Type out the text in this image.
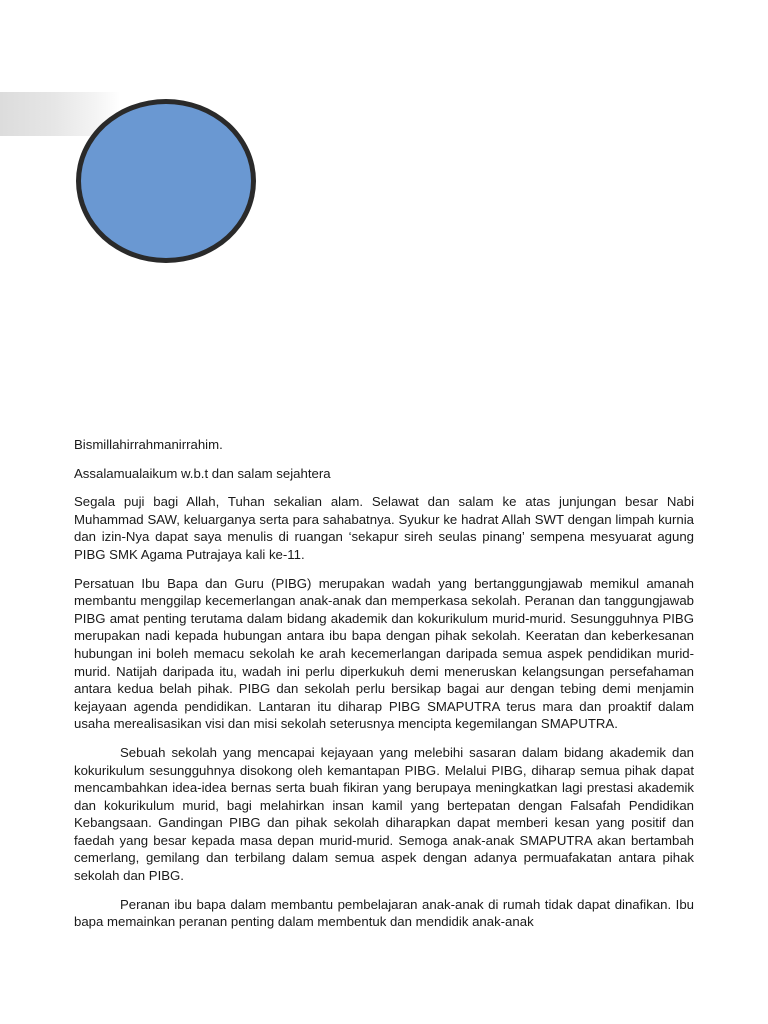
Bismillahirrahmanirrahim.

Assalamualaikum w.b.t dan salam sejahtera

Segala puji bagi Allah, Tuhan sekalian alam. Selawat dan salam ke atas junjungan besar Nabi Muhammad SAW, keluarganya serta para sahabatnya. Syukur ke hadrat Allah SWT dengan limpah kurnia dan izin-Nya dapat saya menulis di ruangan ‘sekapur sireh seulas pinang’ sempena mesyuarat agung PIBG SMK Agama Putrajaya kali ke-11.

Persatuan Ibu Bapa dan Guru (PIBG) merupakan wadah yang bertanggungjawab memikul amanah membantu menggilap kecemerlangan anak-anak dan memperkasa sekolah. Peranan dan tanggungjawab PIBG amat penting terutama dalam bidang akademik dan kokurikulum murid-murid. Sesungguhnya PIBG merupakan nadi kepada hubungan antara ibu bapa dengan pihak sekolah. Keeratan dan keberkesanan hubungan ini boleh memacu sekolah ke arah kecemerlangan daripada semua aspek pendidikan murid-murid. Natijah daripada itu, wadah ini perlu diperkukuh demi meneruskan kelangsungan persefahaman antara kedua belah pihak. PIBG dan sekolah perlu bersikap bagai aur dengan tebing demi menjamin kejayaan agenda pendidikan. Lantaran itu diharap PIBG SMAPUTRA terus mara dan proaktif dalam usaha merealisasikan visi dan misi sekolah seterusnya mencipta kegemilangan SMAPUTRA.

Sebuah sekolah yang mencapai kejayaan yang melebihi sasaran dalam bidang akademik dan kokurikulum sesungguhnya disokong oleh kemantapan PIBG. Melalui PIBG, diharap semua pihak dapat mencambahkan idea-idea bernas serta buah fikiran yang berupaya meningkatkan lagi prestasi akademik dan kokurikulum murid, bagi melahirkan insan kamil yang bertepatan dengan Falsafah Pendidikan Kebangsaan. Gandingan PIBG dan pihak sekolah diharapkan dapat memberi kesan yang positif dan faedah yang besar kepada masa depan murid-murid. Semoga anak-anak SMAPUTRA akan bertambah cemerlang, gemilang dan terbilang dalam semua aspek dengan adanya permuafakatan antara pihak sekolah dan PIBG.

Peranan ibu bapa dalam membantu pembelajaran anak-anak di rumah tidak dapat dinafikan. Ibu bapa memainkan peranan penting dalam membentuk dan mendidik anak-anak
